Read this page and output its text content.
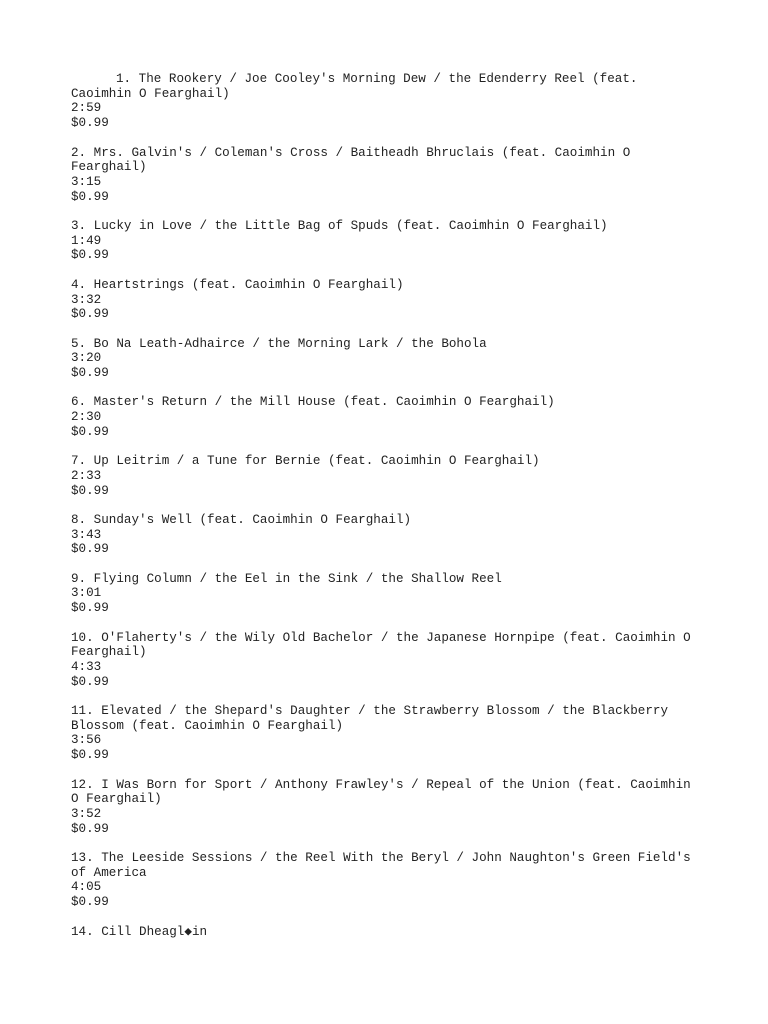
1. The Rookery / Joe Cooley's Morning Dew / the Edenderry Reel (feat. Caoimhin O Fearghail)
2:59
$0.99
2. Mrs. Galvin's / Coleman's Cross / Baitheadh Bhruclais (feat. Caoimhin O Fearghail)
3:15
$0.99
3. Lucky in Love / the Little Bag of Spuds (feat. Caoimhin O Fearghail)
1:49
$0.99
4. Heartstrings (feat. Caoimhin O Fearghail)
3:32
$0.99
5. Bo Na Leath-Adhairce / the Morning Lark / the Bohola
3:20
$0.99
6. Master's Return / the Mill House (feat. Caoimhin O Fearghail)
2:30
$0.99
7. Up Leitrim / a Tune for Bernie (feat. Caoimhin O Fearghail)
2:33
$0.99
8. Sunday's Well (feat. Caoimhin O Fearghail)
3:43
$0.99
9. Flying Column / the Eel in the Sink / the Shallow Reel
3:01
$0.99
10. O'Flaherty's / the Wily Old Bachelor / the Japanese Hornpipe (feat. Caoimhin O Fearghail)
4:33
$0.99
11. Elevated / the Shepard's Daughter / the Strawberry Blossom / the Blackberry Blossom (feat. Caoimhin O Fearghail)
3:56
$0.99
12. I Was Born for Sport / Anthony Frawley's / Repeal of the Union (feat. Caoimhin O Fearghail)
3:52
$0.99
13. The Leeside Sessions / the Reel With the Beryl / John Naughton's Green Field's of America
4:05
$0.99
14. Cill Dheagl◆in
